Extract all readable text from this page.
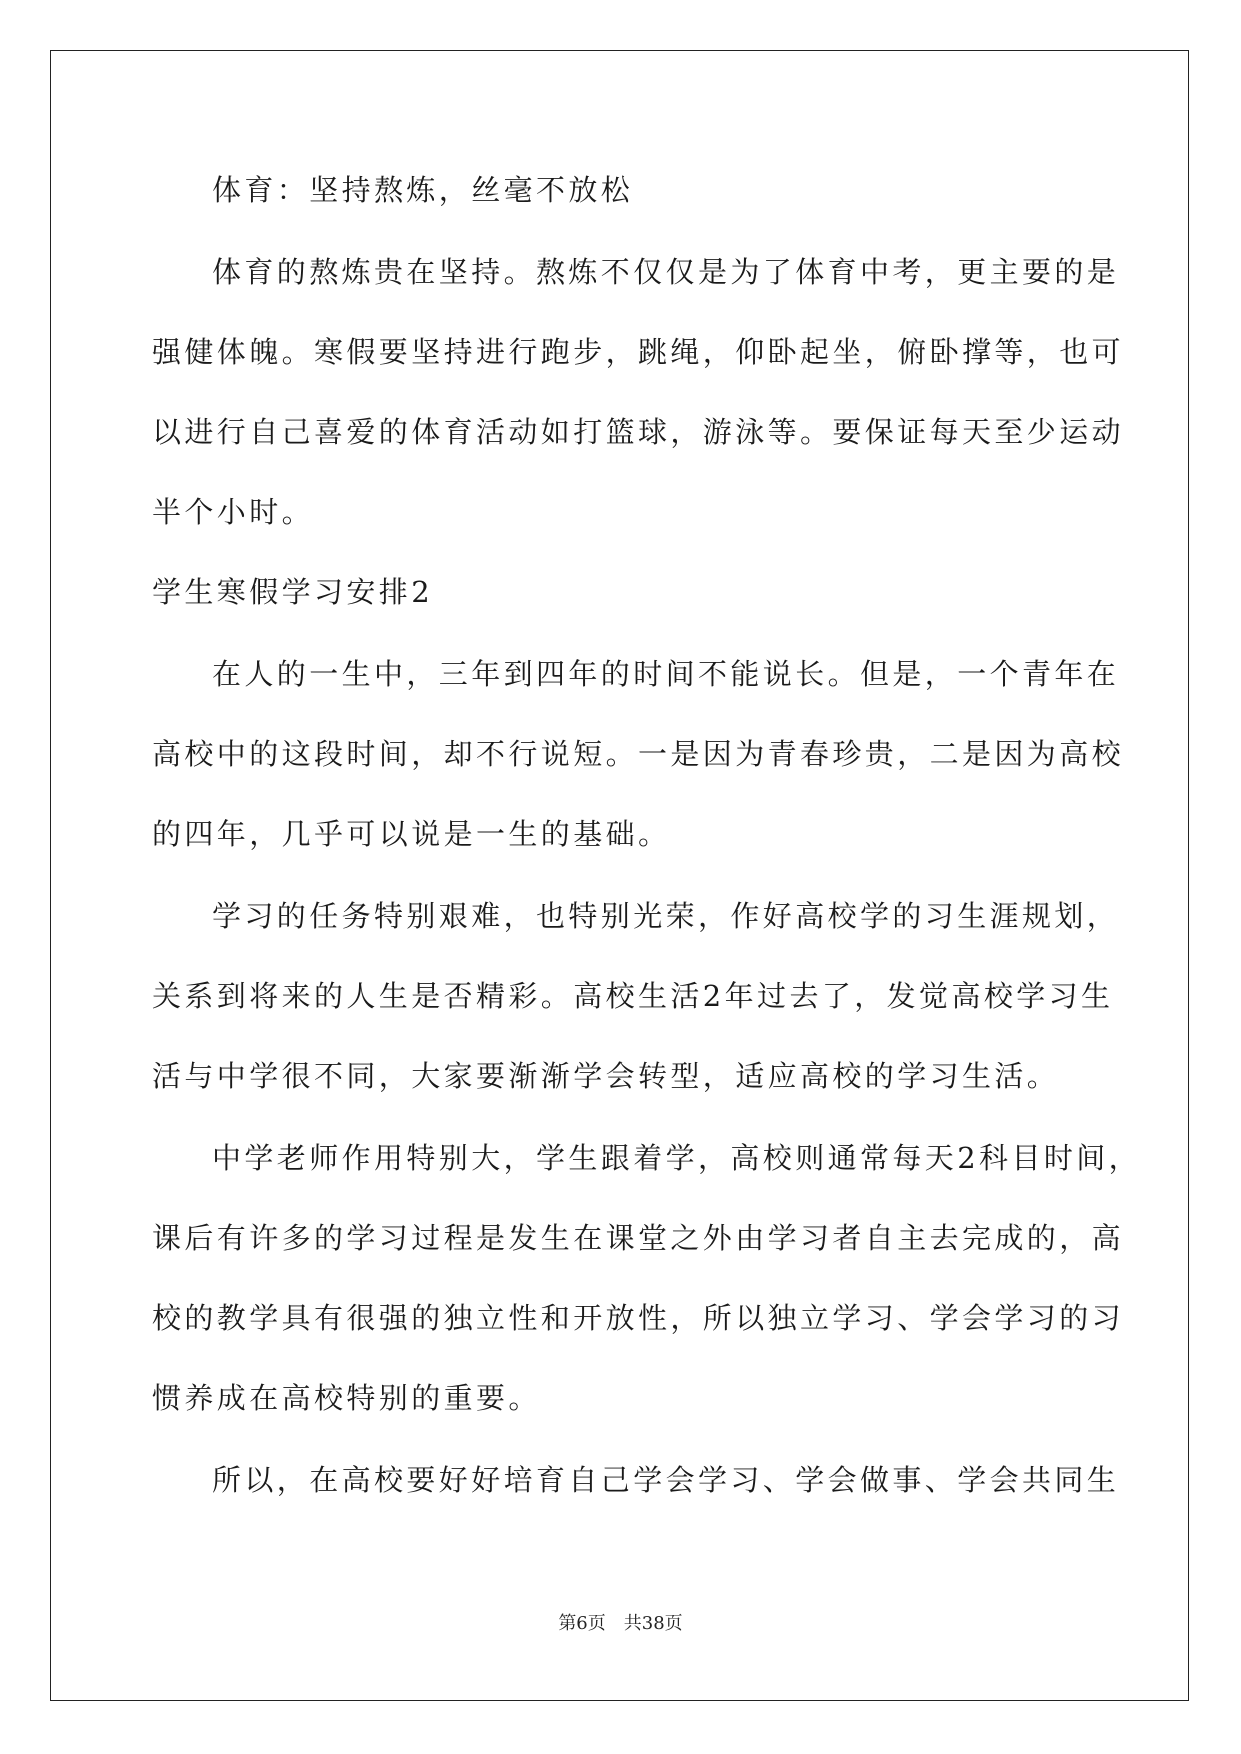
体育：坚持熬炼，丝毫不放松
体育的熬炼贵在坚持。熬炼不仅仅是为了体育中考，更主要的是
强健体魄。寒假要坚持进行跑步，跳绳，仰卧起坐，俯卧撑等，也可
以进行自己喜爱的体育活动如打篮球，游泳等。要保证每天至少运动
半个小时。
学生寒假学习安排2
在人的一生中，三年到四年的时间不能说长。但是，一个青年在
高校中的这段时间，却不行说短。一是因为青春珍贵，二是因为高校
的四年，几乎可以说是一生的基础。
学习的任务特别艰难，也特别光荣，作好高校学的习生涯规划，
关系到将来的人生是否精彩。高校生活2年过去了，发觉高校学习生
活与中学很不同，大家要渐渐学会转型，适应高校的学习生活。
中学老师作用特别大，学生跟着学，高校则通常每天2科目时间，
课后有许多的学习过程是发生在课堂之外由学习者自主去完成的，高
校的教学具有很强的独立性和开放性，所以独立学习、学会学习的习
惯养成在高校特别的重要。
所以，在高校要好好培育自己学会学习、学会做事、学会共同生
第6页 共38页
